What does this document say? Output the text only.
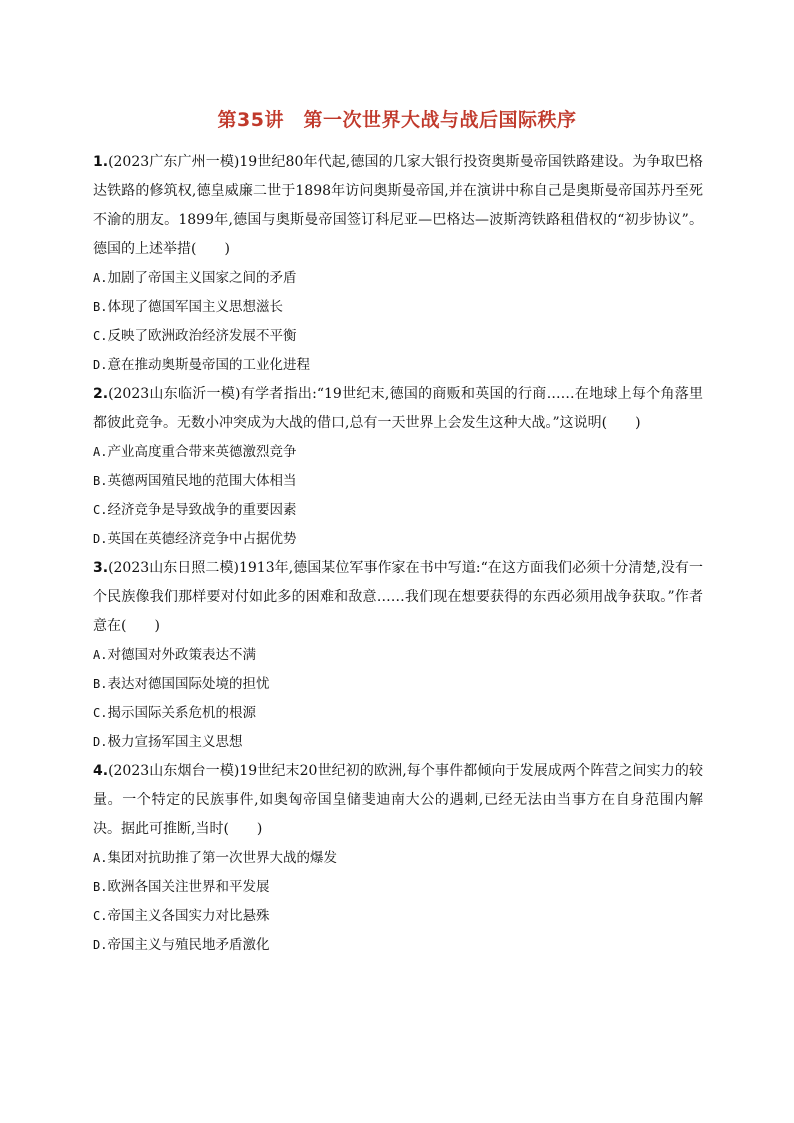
第35讲　第一次世界大战与战后国际秩序

1.(2023广东广州一模)19世纪80年代起,德国的几家大银行投资奥斯曼帝国铁路建设。为争取巴格达铁路的修筑权,德皇威廉二世于1898年访问奥斯曼帝国,并在演讲中称自己是奥斯曼帝国苏丹至死不渝的朋友。1899年,德国与奥斯曼帝国签订科尼亚—巴格达—波斯湾铁路租借权的“初步协议”。德国的上述举措(　　)

A.加剧了帝国主义国家之间的矛盾

B.体现了德国军国主义思想滋长

C.反映了欧洲政治经济发展不平衡

D.意在推动奥斯曼帝国的工业化进程

2.(2023山东临沂一模)有学者指出:“19世纪末,德国的商贩和英国的行商……在地球上每个角落里都彼此竞争。无数小冲突成为大战的借口,总有一天世界上会发生这种大战。”这说明(　　)

A.产业高度重合带来英德激烈竞争

B.英德两国殖民地的范围大体相当

C.经济竞争是导致战争的重要因素

D.英国在英德经济竞争中占据优势

3.(2023山东日照二模)1913年,德国某位军事作家在书中写道:“在这方面我们必须十分清楚,没有一个民族像我们那样要对付如此多的困难和敌意……我们现在想要获得的东西必须用战争获取。”作者意在(　　)

A.对德国对外政策表达不满

B.表达对德国国际处境的担忧

C.揭示国际关系危机的根源

D.极力宣扬军国主义思想

4.(2023山东烟台一模)19世纪末20世纪初的欧洲,每个事件都倾向于发展成两个阵营之间实力的较量。一个特定的民族事件,如奥匈帝国皇储斐迪南大公的遇刺,已经无法由当事方在自身范围内解决。据此可推断,当时(　　)

A.集团对抗助推了第一次世界大战的爆发

B.欧洲各国关注世界和平发展

C.帝国主义各国实力对比悬殊

D.帝国主义与殖民地矛盾激化
